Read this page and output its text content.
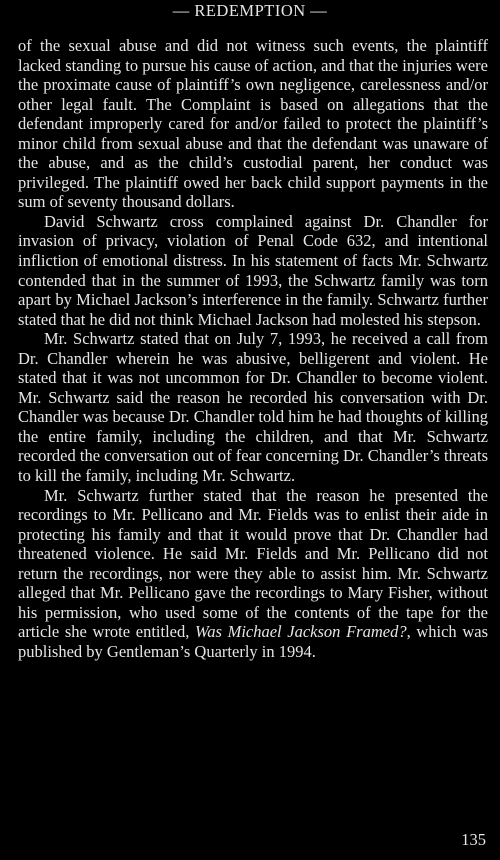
— REDEMPTION —

of the sexual abuse and did not witness such events, the plaintiff lacked standing to pursue his cause of action, and that the injuries were the proximate cause of plaintiff’s own negligence, carelessness and/or other legal fault. The Complaint is based on allegations that the defendant improperly cared for and/or failed to protect the plaintiff’s minor child from sexual abuse and that the defendant was unaware of the abuse, and as the child’s custodial parent, her conduct was privileged. The plaintiff owed her back child support payments in the sum of seventy thousand dollars.

David Schwartz cross complained against Dr. Chandler for invasion of privacy, violation of Penal Code 632, and intentional infliction of emotional distress. In his statement of facts Mr. Schwartz contended that in the summer of 1993, the Schwartz family was torn apart by Michael Jackson’s interference in the family. Schwartz further stated that he did not think Michael Jackson had molested his stepson.

Mr. Schwartz stated that on July 7, 1993, he received a call from Dr. Chandler wherein he was abusive, belligerent and violent. He stated that it was not uncommon for Dr. Chandler to become violent. Mr. Schwartz said the reason he recorded his conversation with Dr. Chandler was because Dr. Chandler told him he had thoughts of killing the entire family, including the children, and that Mr. Schwartz recorded the conversation out of fear concerning Dr. Chandler’s threats to kill the family, including Mr. Schwartz.

Mr. Schwartz further stated that the reason he presented the recordings to Mr. Pellicano and Mr. Fields was to enlist their aide in protecting his family and that it would prove that Dr. Chandler had threatened violence. He said Mr. Fields and Mr. Pellicano did not return the recordings, nor were they able to assist him. Mr. Schwartz alleged that Mr. Pellicano gave the recordings to Mary Fisher, without his permission, who used some of the contents of the tape for the article she wrote entitled, Was Michael Jackson Framed?, which was published by Gentleman’s Quarterly in 1994.

135
